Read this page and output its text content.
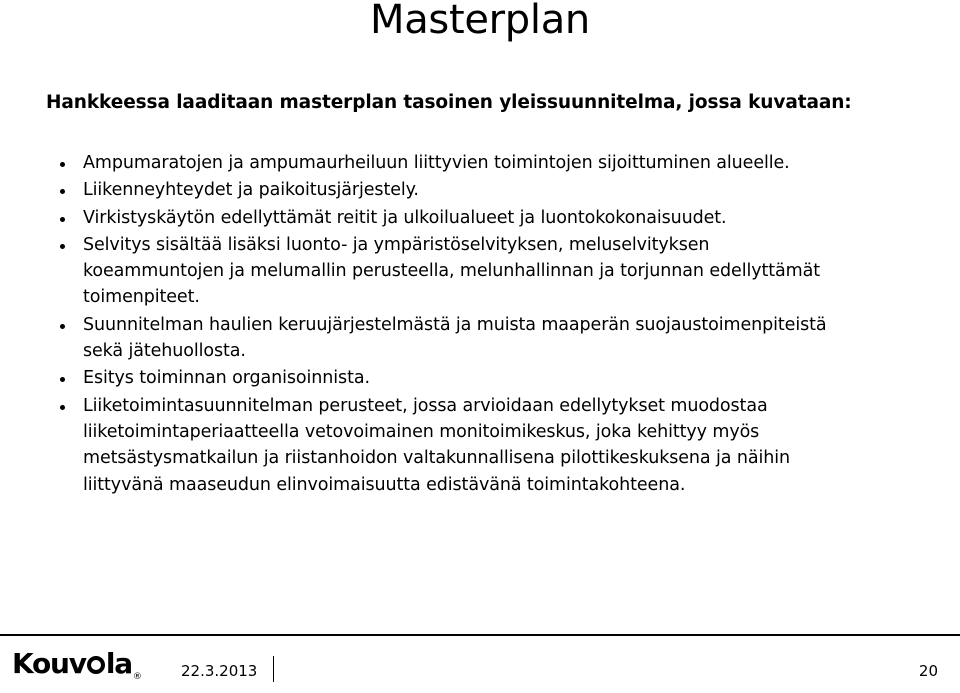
Masterplan

Hankkeessa laaditaan masterplan tasoinen yleissuunnitelma, jossa kuvataan:

Ampumaratojen ja ampumaurheiluun liittyvien toimintojen sijoittuminen alueelle.
Liikenneyhteydet ja paikoitusjärjestely.
Virkistyskäytön edellyttämät reitit ja ulkoilualueet ja luontokokonaisuudet.
Selvitys sisältää lisäksi luonto- ja ympäristöselvityksen, meluselvityksen
koeammuntojen ja melumallin perusteella, melunhallinnan ja torjunnan edellyttämät
toimenpiteet.
Suunnitelman haulien keruujärjestelmästä ja muista maaperän suojaustoimenpiteistä
sekä jätehuollosta.
Esitys toiminnan organisoinnista.
Liiketoimintasuunnitelman perusteet, jossa arvioidaan edellytykset muodostaa
liiketoimintaperiaatteella vetovoimainen monitoimikeskus, joka kehittyy myös
metsästysmatkailun ja riistanhoidon valtakunnallisena pilottikeskuksena ja näihin
liittyvänä maaseudun elinvoimaisuutta edistävänä toimintakohteena.
Kouv $la_®$	22.3.2013	20
